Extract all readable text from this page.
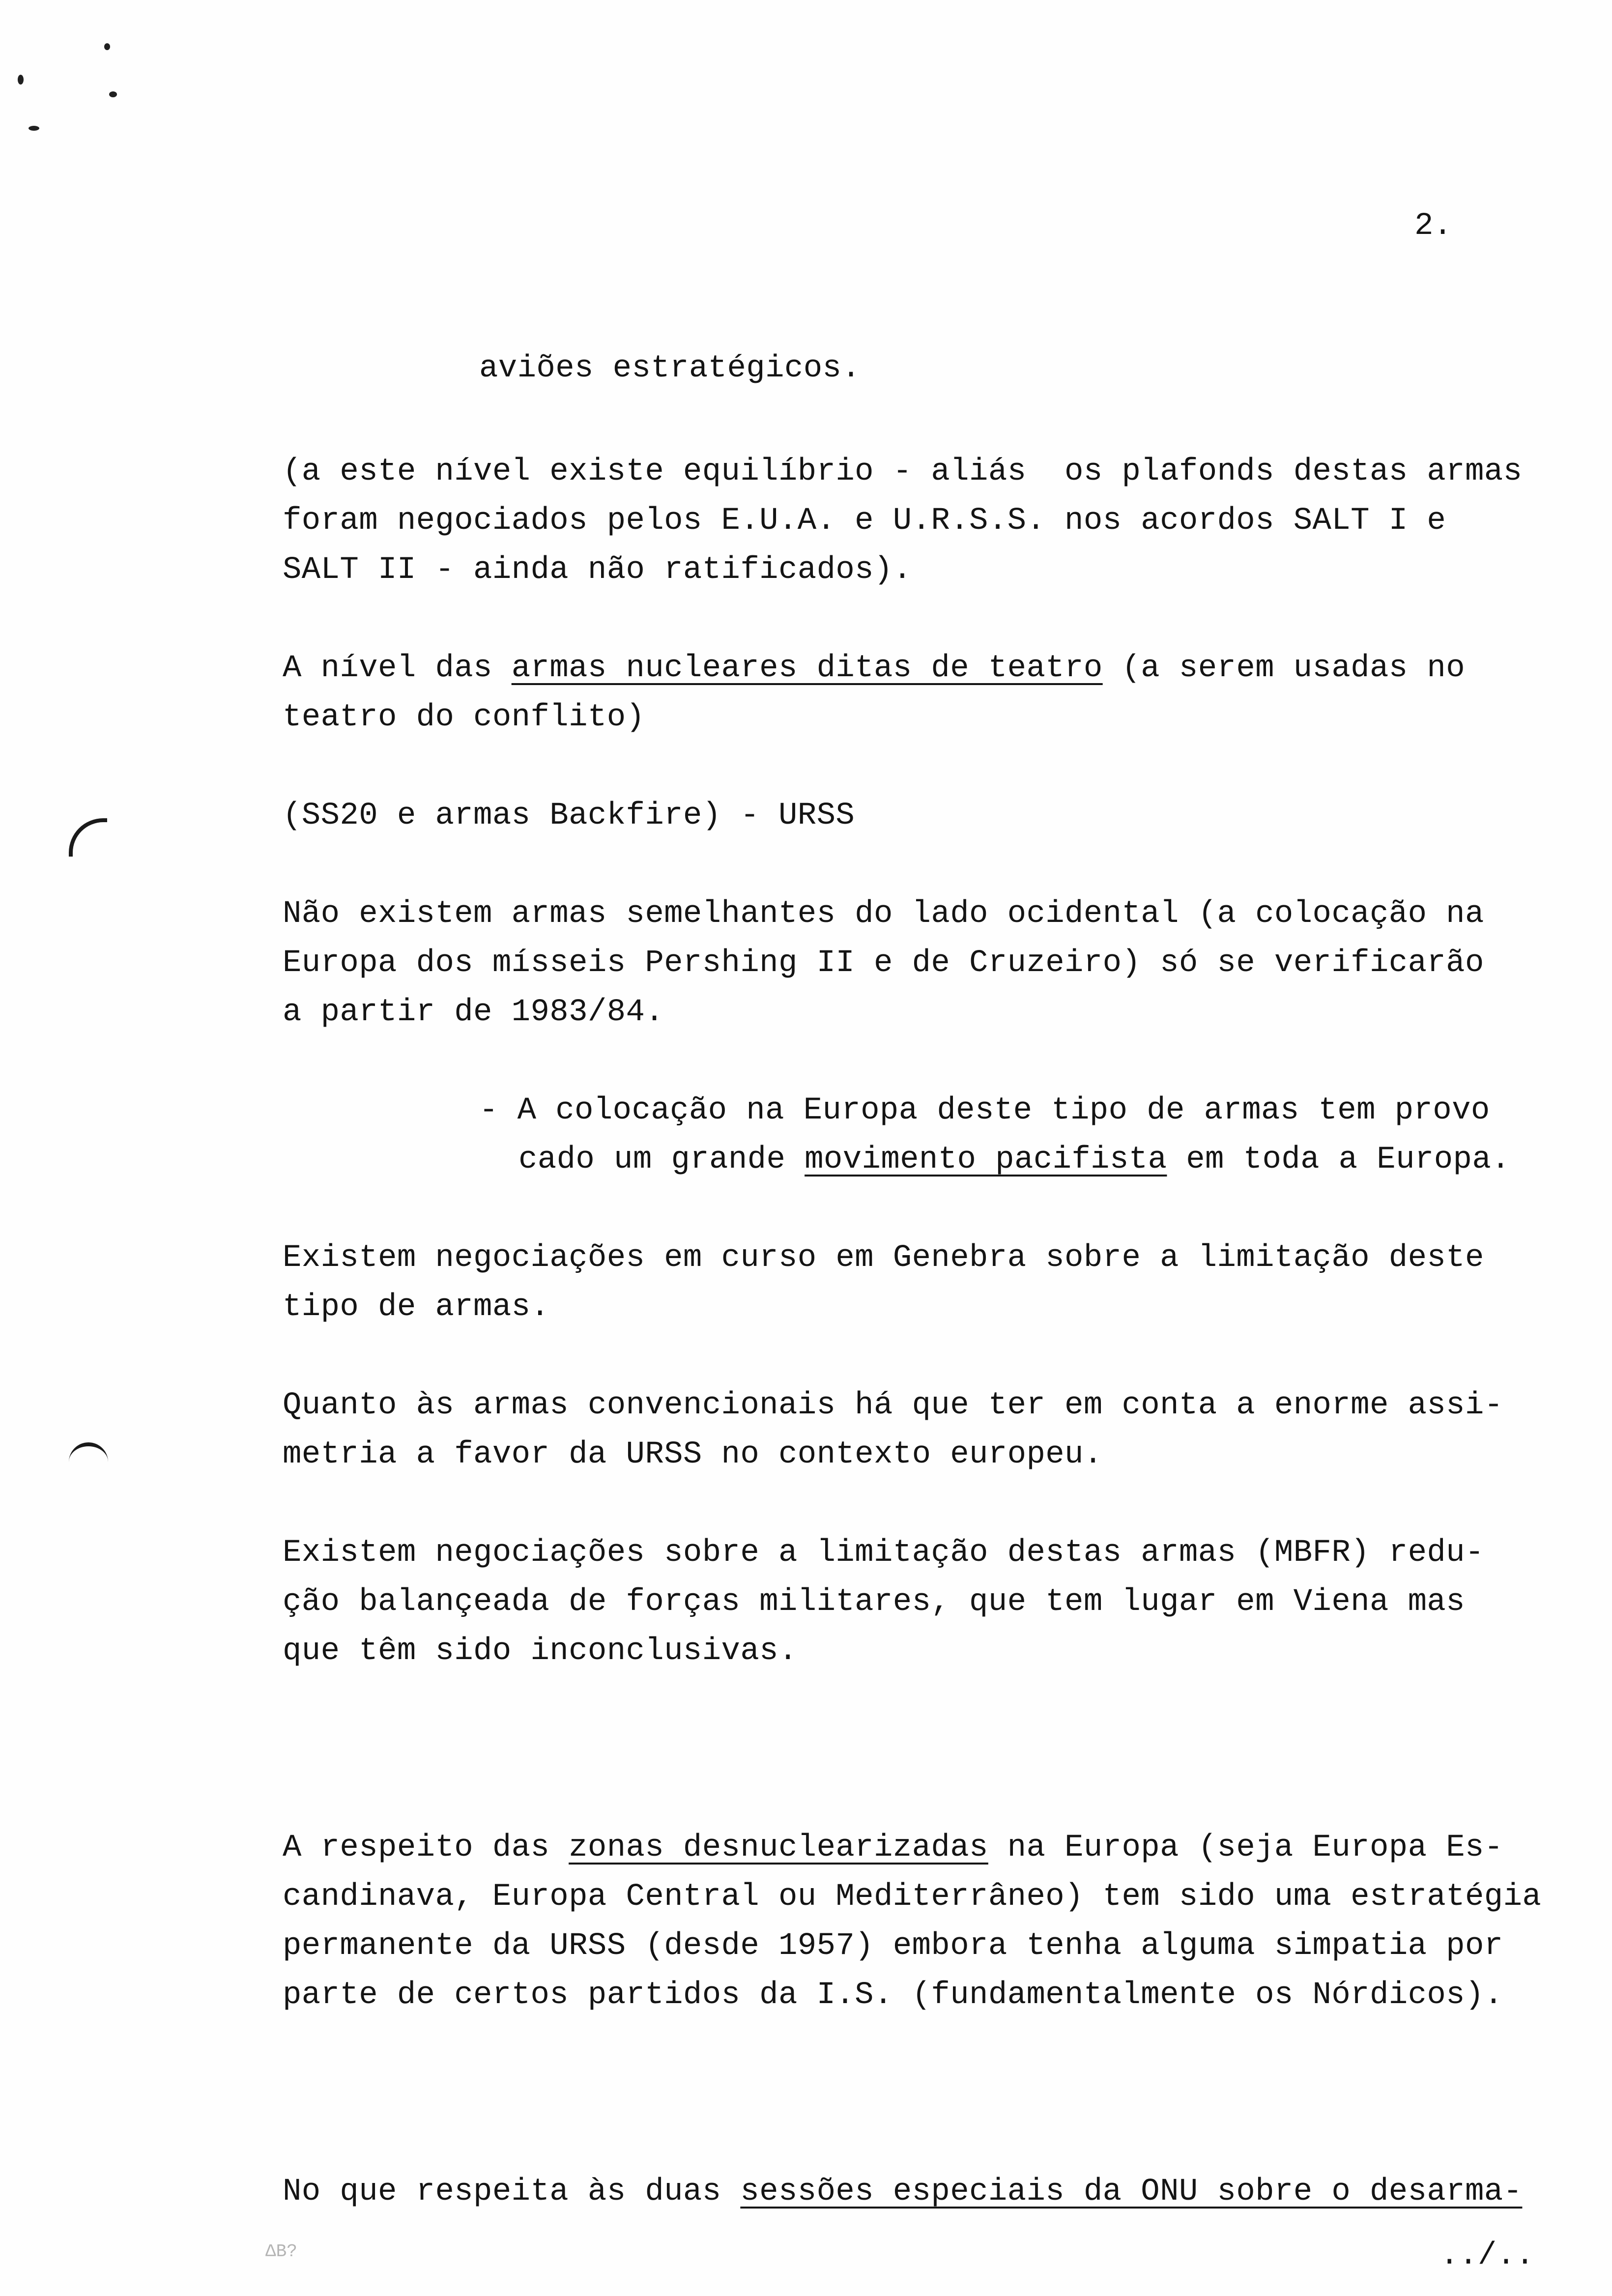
2.
aviões estratégicos.
(a este nível existe equilíbrio - aliás  os plafonds destas armas
foram negociados pelos E.U.A. e U.R.S.S. nos acordos SALT I e
SALT II - ainda não ratificados).
A nível das armas nucleares ditas de teatro (a serem usadas no
teatro do conflito)
(SS20 e armas Backfire) - URSS
Não existem armas semelhantes do lado ocidental (a colocação na
Europa dos mísseis Pershing II e de Cruzeiro) só se verificarão
a partir de 1983/84.
- A colocação na Europa deste tipo de armas tem provo
cado um grande movimento pacifista em toda a Europa.
Existem negociações em curso em Genebra sobre a limitação deste
tipo de armas.
Quanto às armas convencionais há que ter em conta a enorme assi-
metria a favor da URSS no contexto europeu.
Existem negociações sobre a limitação destas armas (MBFR) redu-
ção balançeada de forças militares, que tem lugar em Viena mas
que têm sido inconclusivas.
A respeito das zonas desnuclearizadas na Europa (seja Europa Es-
candinava, Europa Central ou Mediterrâneo) tem sido uma estratégia
permanente da URSS (desde 1957) embora tenha alguma simpatia por
parte de certos partidos da I.S. (fundamentalmente os Nórdicos).
No que respeita às duas sessões especiais da ONU sobre o desarma-
ΔΒ?	../..
